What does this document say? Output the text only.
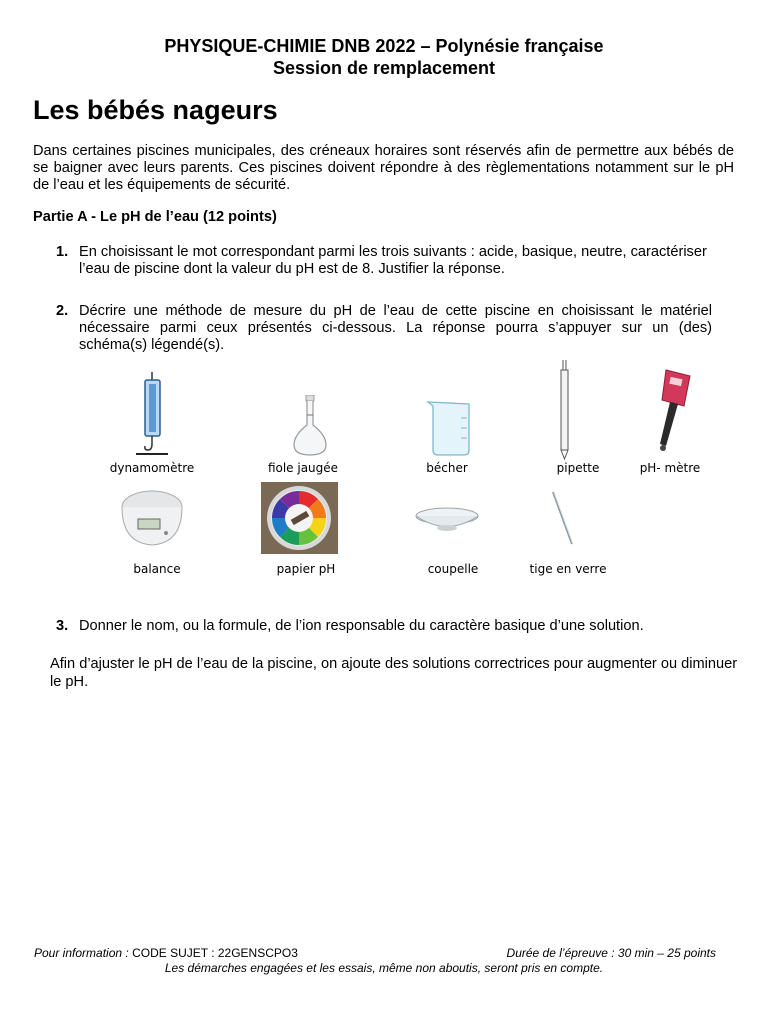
PHYSIQUE-CHIMIE DNB 2022 – Polynésie française
Session de remplacement
Les bébés nageurs
Dans certaines piscines municipales, des créneaux horaires sont réservés afin de permettre aux bébés de se baigner avec leurs parents. Ces piscines doivent répondre à des règlementations notamment sur le pH de l’eau et les équipements de sécurité.
Partie A - Le pH de l’eau (12 points)
1. En choisissant le mot correspondant parmi les trois suivants : acide, basique, neutre, caractériser l’eau de piscine dont la valeur du pH est de 8. Justifier la réponse.
2. Décrire une méthode de mesure du pH de l’eau de cette piscine en choisissant le matériel nécessaire parmi ceux présentés ci-dessous. La réponse pourra s’appuyer sur un (des) schéma(s) légendé(s).
dynamomètre	fiole jaugée	bécher	pipette	pH- mètre
balance	papier pH	coupelle	tige en verre
3. Donner le nom, ou la formule, de l’ion responsable du caractère basique d’une solution.
Afin d’ajuster le pH de l’eau de la piscine, on ajoute des solutions correctrices pour augmenter ou diminuer le pH.
Pour information : CODE SUJET : 22GENSCPO3	Durée de l’épreuve : 30 min – 25 points
Les démarches engagées et les essais, même non aboutis, seront pris en compte.
